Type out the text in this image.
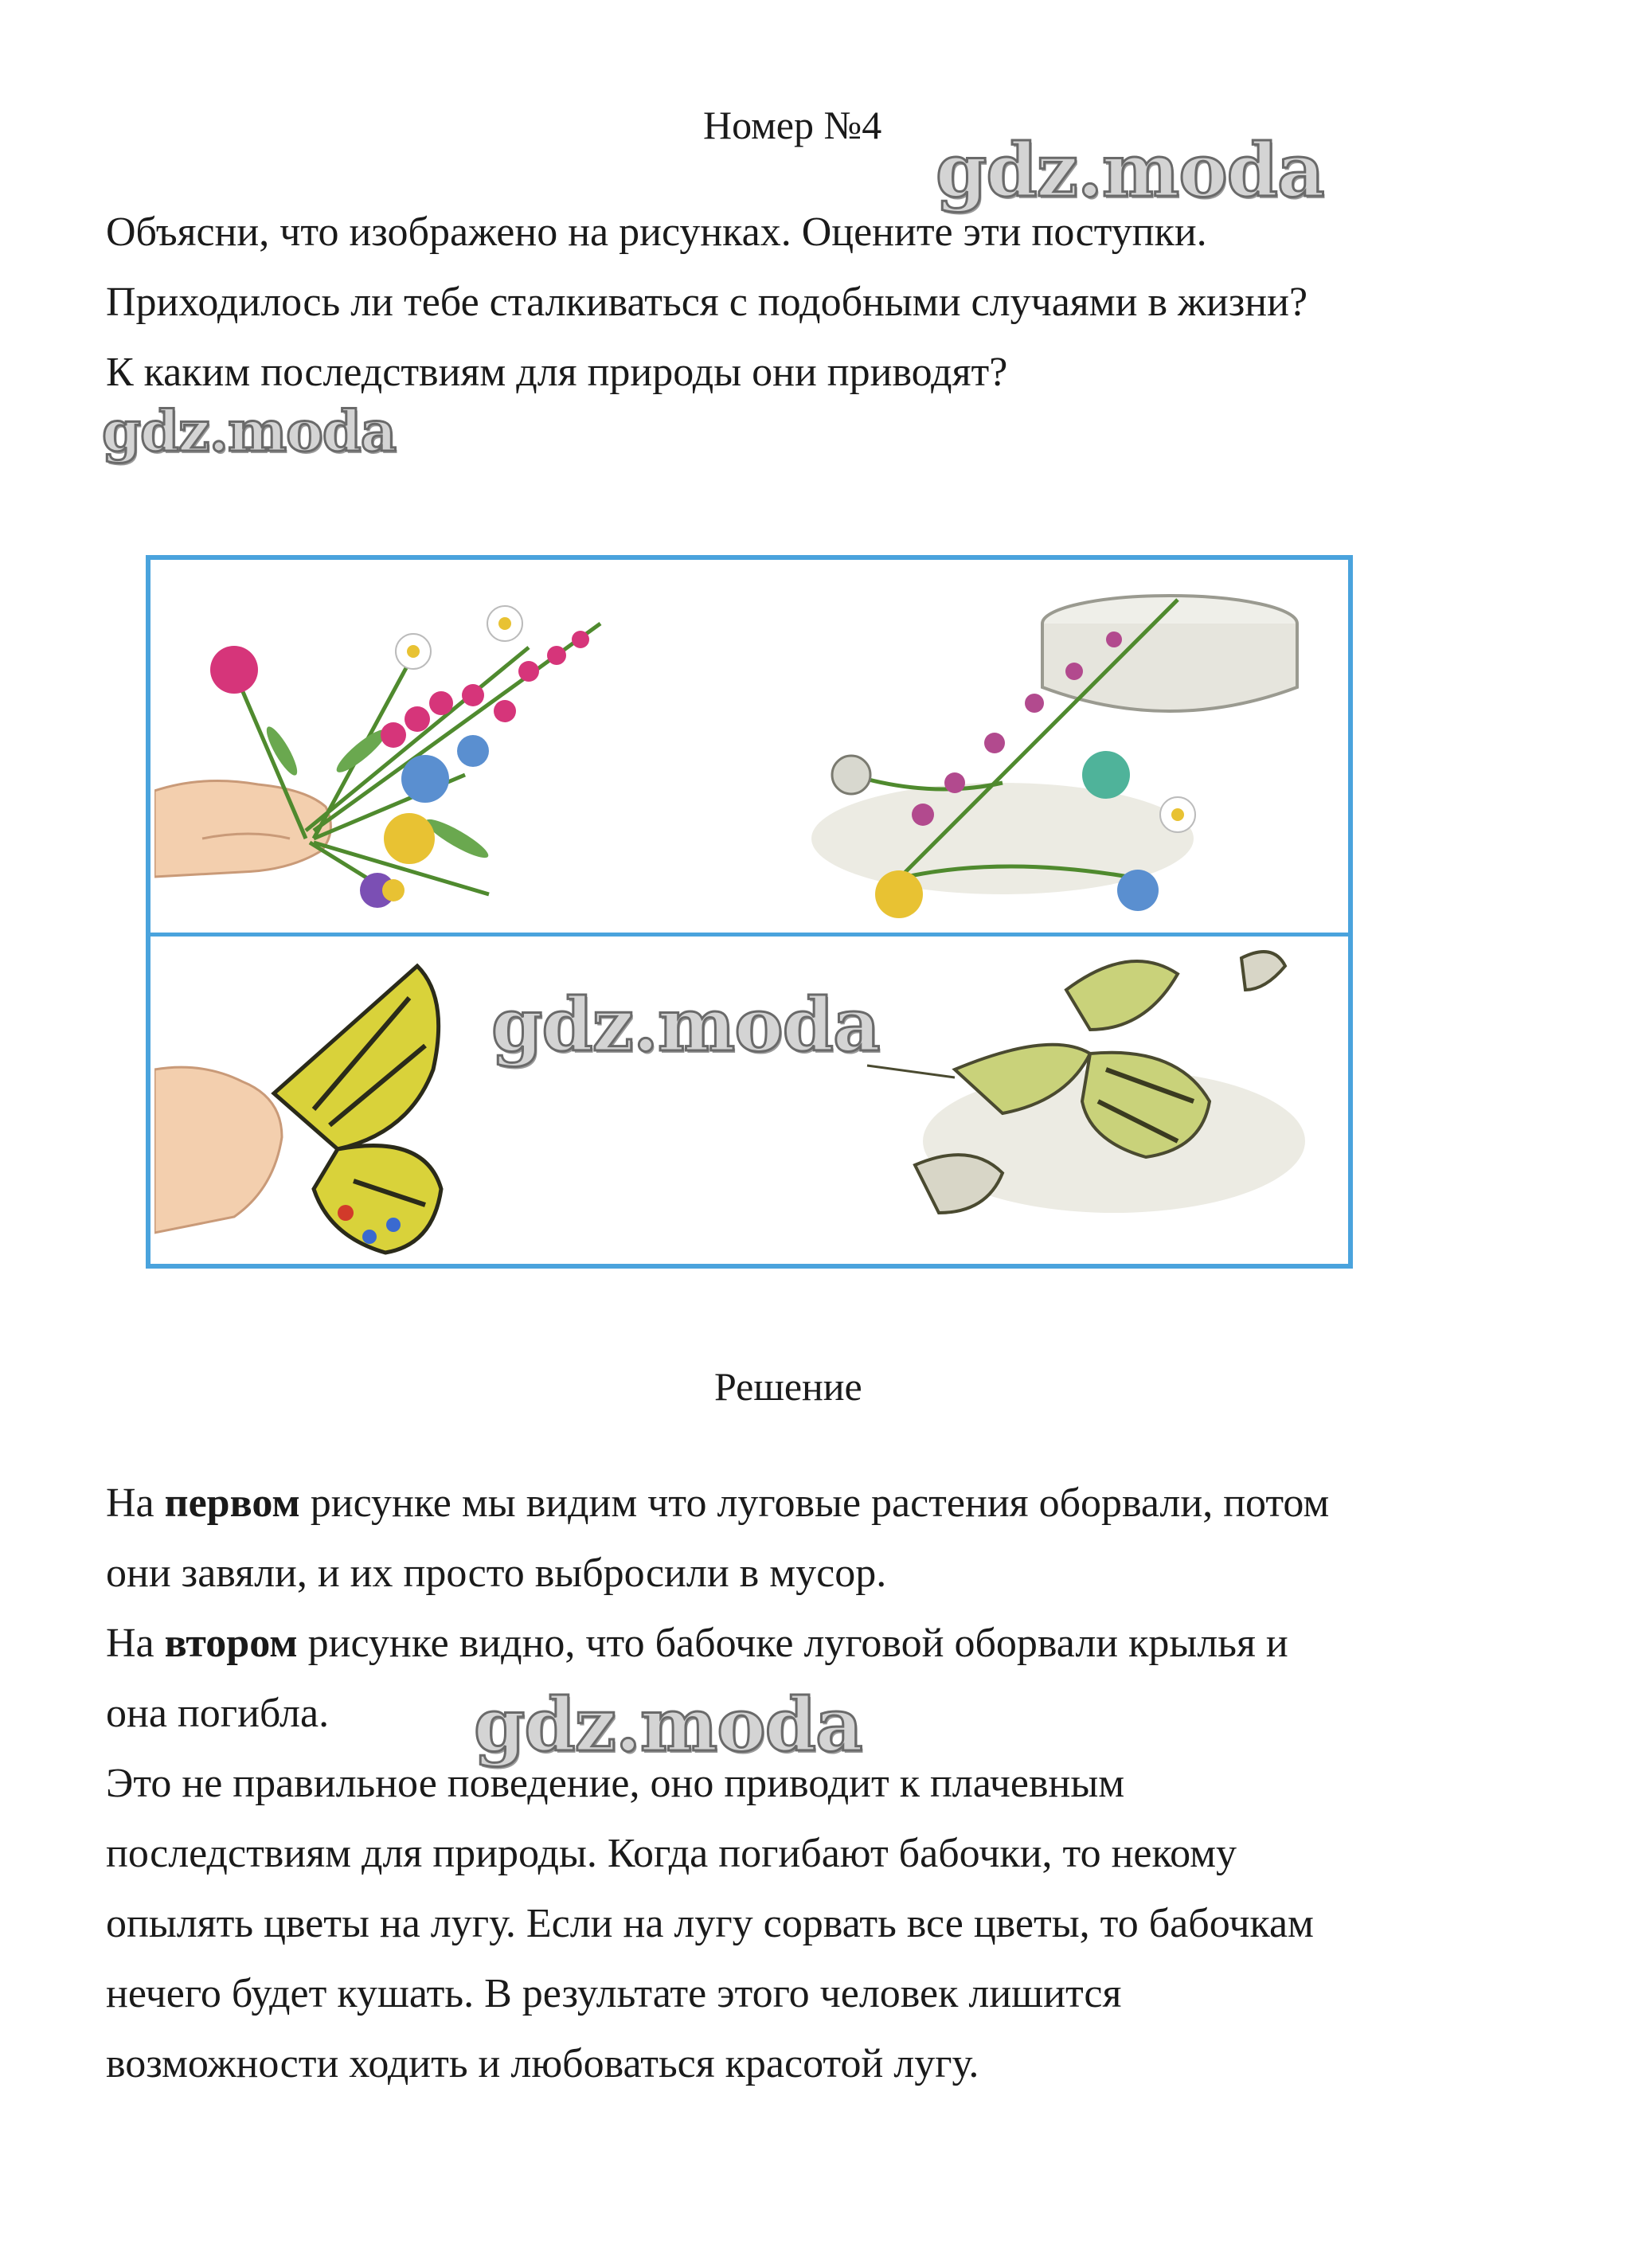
Номер №4
gdz.moda
gdz.moda
Объясни, что изображено на рисунках. Оцените эти поступки.
Приходилось ли тебе сталкиваться с подобными случаями в жизни?
К каким последствиям для природы они приводят?
gdz.moda
Решение
На первом рисунке мы видим что луговые растения оборвали, потом
они завяли, и их просто выбросили в мусор.
На втором рисунке видно, что бабочке луговой оборвали крылья и
она погибла. gdz.moda
Это не правильное поведение, оно приводит к плачевным
последствиям для природы. Когда погибают бабочки, то некому
опылять цветы на лугу. Если на лугу сорвать все цветы, то бабочкам
нечего будет кушать. В результате этого человек лишится
возможности ходить и любоваться красотой лугу.
